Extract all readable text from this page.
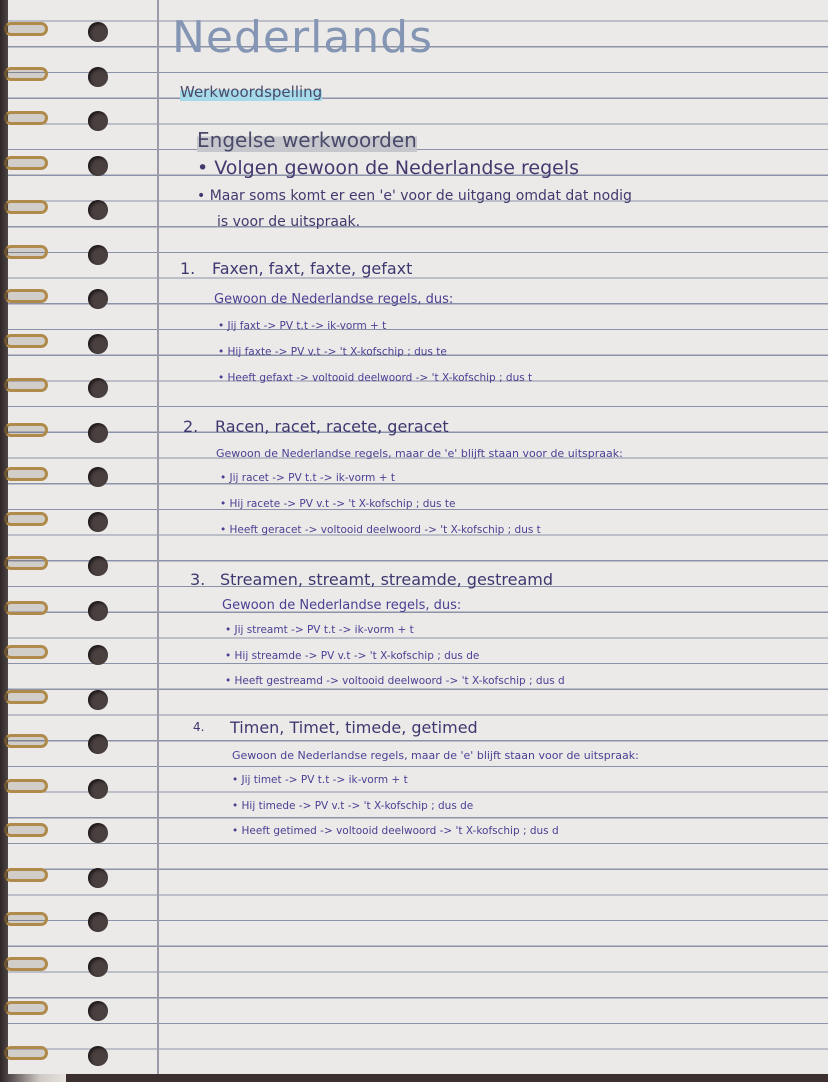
Nederlands
Werkwoordspelling
Engelse werkwoorden
• Volgen gewoon de Nederlandse regels
• Maar soms komt er een 'e' voor de uitgang omdat dat nodig
is voor de uitspraak.
1. Faxen, faxt, faxte, gefaxt
Gewoon de Nederlandse regels, dus:
• Jij faxt -> PV t.t -> ik-vorm + t
• Hij faxte -> PV v.t -> 't X-kofschip ; dus te
• Heeft gefaxt -> voltooid deelwoord -> 't X-kofschip ; dus t
2. Racen, racet, racete, geracet
Gewoon de Nederlandse regels, maar de 'e' blijft staan voor de uitspraak:
• Jij racet -> PV t.t -> ik-vorm + t
• Hij racete -> PV v.t -> 't X-kofschip ; dus te
• Heeft geracet -> voltooid deelwoord -> 't X-kofschip ; dus t
3. Streamen, streamt, streamde, gestreamd
Gewoon de Nederlandse regels, dus:
• Jij streamt -> PV t.t -> ik-vorm + t
• Hij streamde -> PV v.t -> 't X-kofschip ; dus de
• Heeft gestreamd -> voltooid deelwoord -> 't X-kofschip ; dus d
4. Timen, Timet, timede, getimed
Gewoon de Nederlandse regels, maar de 'e' blijft staan voor de uitspraak:
• Jij timet -> PV t.t -> ik-vorm + t
• Hij timede -> PV v.t -> 't X-kofschip ; dus de
• Heeft getimed -> voltooid deelwoord -> 't X-kofschip ; dus d
